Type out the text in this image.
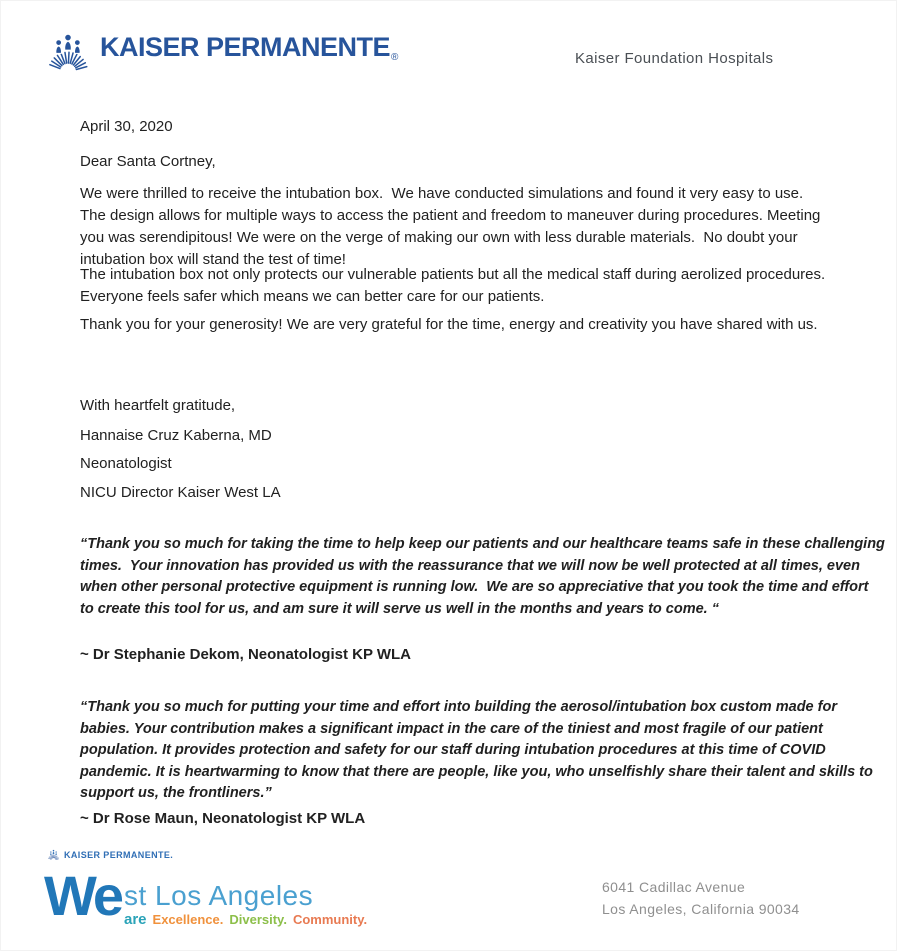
KAISER PERMANENTE®	Kaiser Foundation Hospitals
April 30, 2020
Dear Santa Cortney,
We were thrilled to receive the intubation box.  We have conducted simulations and found it very easy to use.  The design allows for multiple ways to access the patient and freedom to maneuver during procedures. Meeting you was serendipitous! We were on the verge of making our own with less durable materials.  No doubt your intubation box will stand the test of time!
The intubation box not only protects our vulnerable patients but all the medical staff during aerolized procedures.  Everyone feels safer which means we can better care for our patients.
Thank you for your generosity! We are very grateful for the time, energy and creativity you have shared with us.
With heartfelt gratitude,
Hannaise Cruz Kaberna, MD
Neonatologist
NICU Director Kaiser West LA
“Thank you so much for taking the time to help keep our patients and our healthcare teams safe in these challenging times.  Your innovation has provided us with the reassurance that we will now be well protected at all times, even when other personal protective equipment is running low.  We are so appreciative that you took the time and effort to create this tool for us, and am sure it will serve us well in the months and years to come. “
~ Dr Stephanie Dekom, Neonatologist KP WLA
“Thank you so much for putting your time and effort into building the aerosol/intubation box custom made for babies. Your contribution makes a significant impact in the care of the tiniest and most fragile of our patient population. It provides protection and safety for our staff during intubation procedures at this time of COVID pandemic. It is heartwarming to know that there are people, like you, who unselfishly share their talent and skills to support us, the frontliners.”
~ Dr Rose Maun, Neonatologist KP WLA
KAISER PERMANENTE.
We st Los Angeles
are Excellence. Diversity. Community.
6041 Cadillac Avenue
Los Angeles, California 90034
